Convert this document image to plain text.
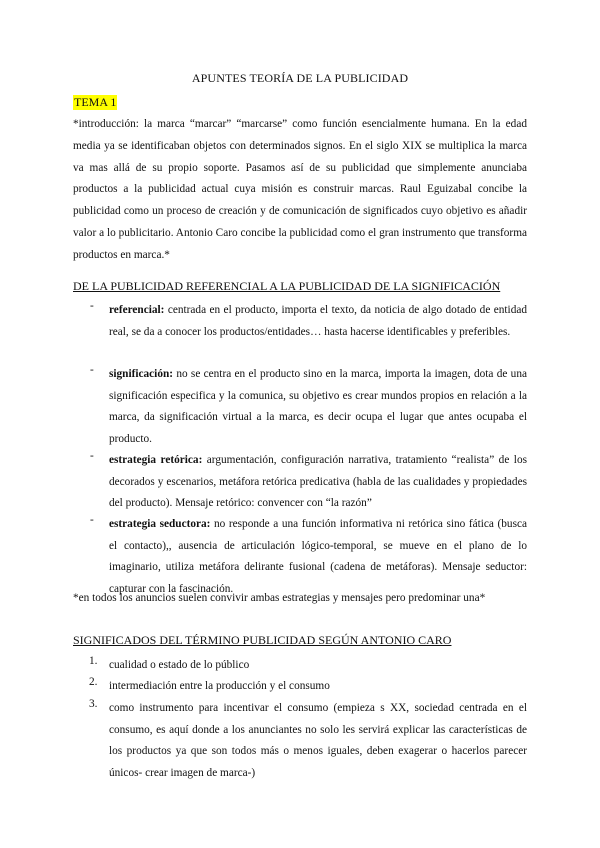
APUNTES TEORÍA DE LA PUBLICIDAD
TEMA 1

*introducción: la marca “marcar” “marcarse” como función esencialmente humana. En la edad media ya se identificaban objetos con determinados signos. En el siglo XIX se multiplica la marca va mas allá de su propio soporte. Pasamos así de su publicidad que simplemente anunciaba productos a la publicidad actual cuya misión es construir marcas. Raul Eguizabal concibe la publicidad como un proceso de creación y de comunicación de significados cuyo objetivo es añadir valor a lo publicitario. Antonio Caro concibe la publicidad como el gran instrumento que transforma productos en marca.*

DE LA PUBLICIDAD REFERENCIAL A LA PUBLICIDAD DE LA SIGNIFICACIÓN

- referencial: centrada en el producto, importa el texto, da noticia de algo dotado de entidad real, se da a conocer los productos/entidades… hasta hacerse identificables y preferibles.

- significación: no se centra en el producto sino en la marca, importa la imagen, dota de una significación especifica y la comunica, su objetivo es crear mundos propios en relación a la marca, da significación virtual a la marca, es decir ocupa el lugar que antes ocupaba el producto.

- estrategia retórica: argumentación, configuración narrativa, tratamiento “realista” de los decorados y escenarios, metáfora retórica predicativa (habla de las cualidades y propiedades del producto). Mensaje retórico: convencer con “la razón”

- estrategia seductora: no responde a una función informativa ni retórica sino fática (busca el contacto),, ausencia de articulación lógico-temporal, se mueve en el plano de lo imaginario, utiliza metáfora delirante fusional (cadena de metáforas). Mensaje seductor: capturar con la fascinación.

*en todos los anuncios suelen convivir ambas estrategias y mensajes pero predominar una*

SIGNIFICADOS DEL TÉRMINO PUBLICIDAD SEGÚN ANTONIO CARO

1. cualidad o estado de lo público

2. intermediación entre la producción y el consumo

3. como instrumento para incentivar el consumo (empieza s XX, sociedad centrada en el consumo, es aquí donde a los anunciantes no solo les servirá explicar las características de los productos ya que son todos más o menos iguales, deben exagerar o hacerlos parecer únicos- crear imagen de marca-)
